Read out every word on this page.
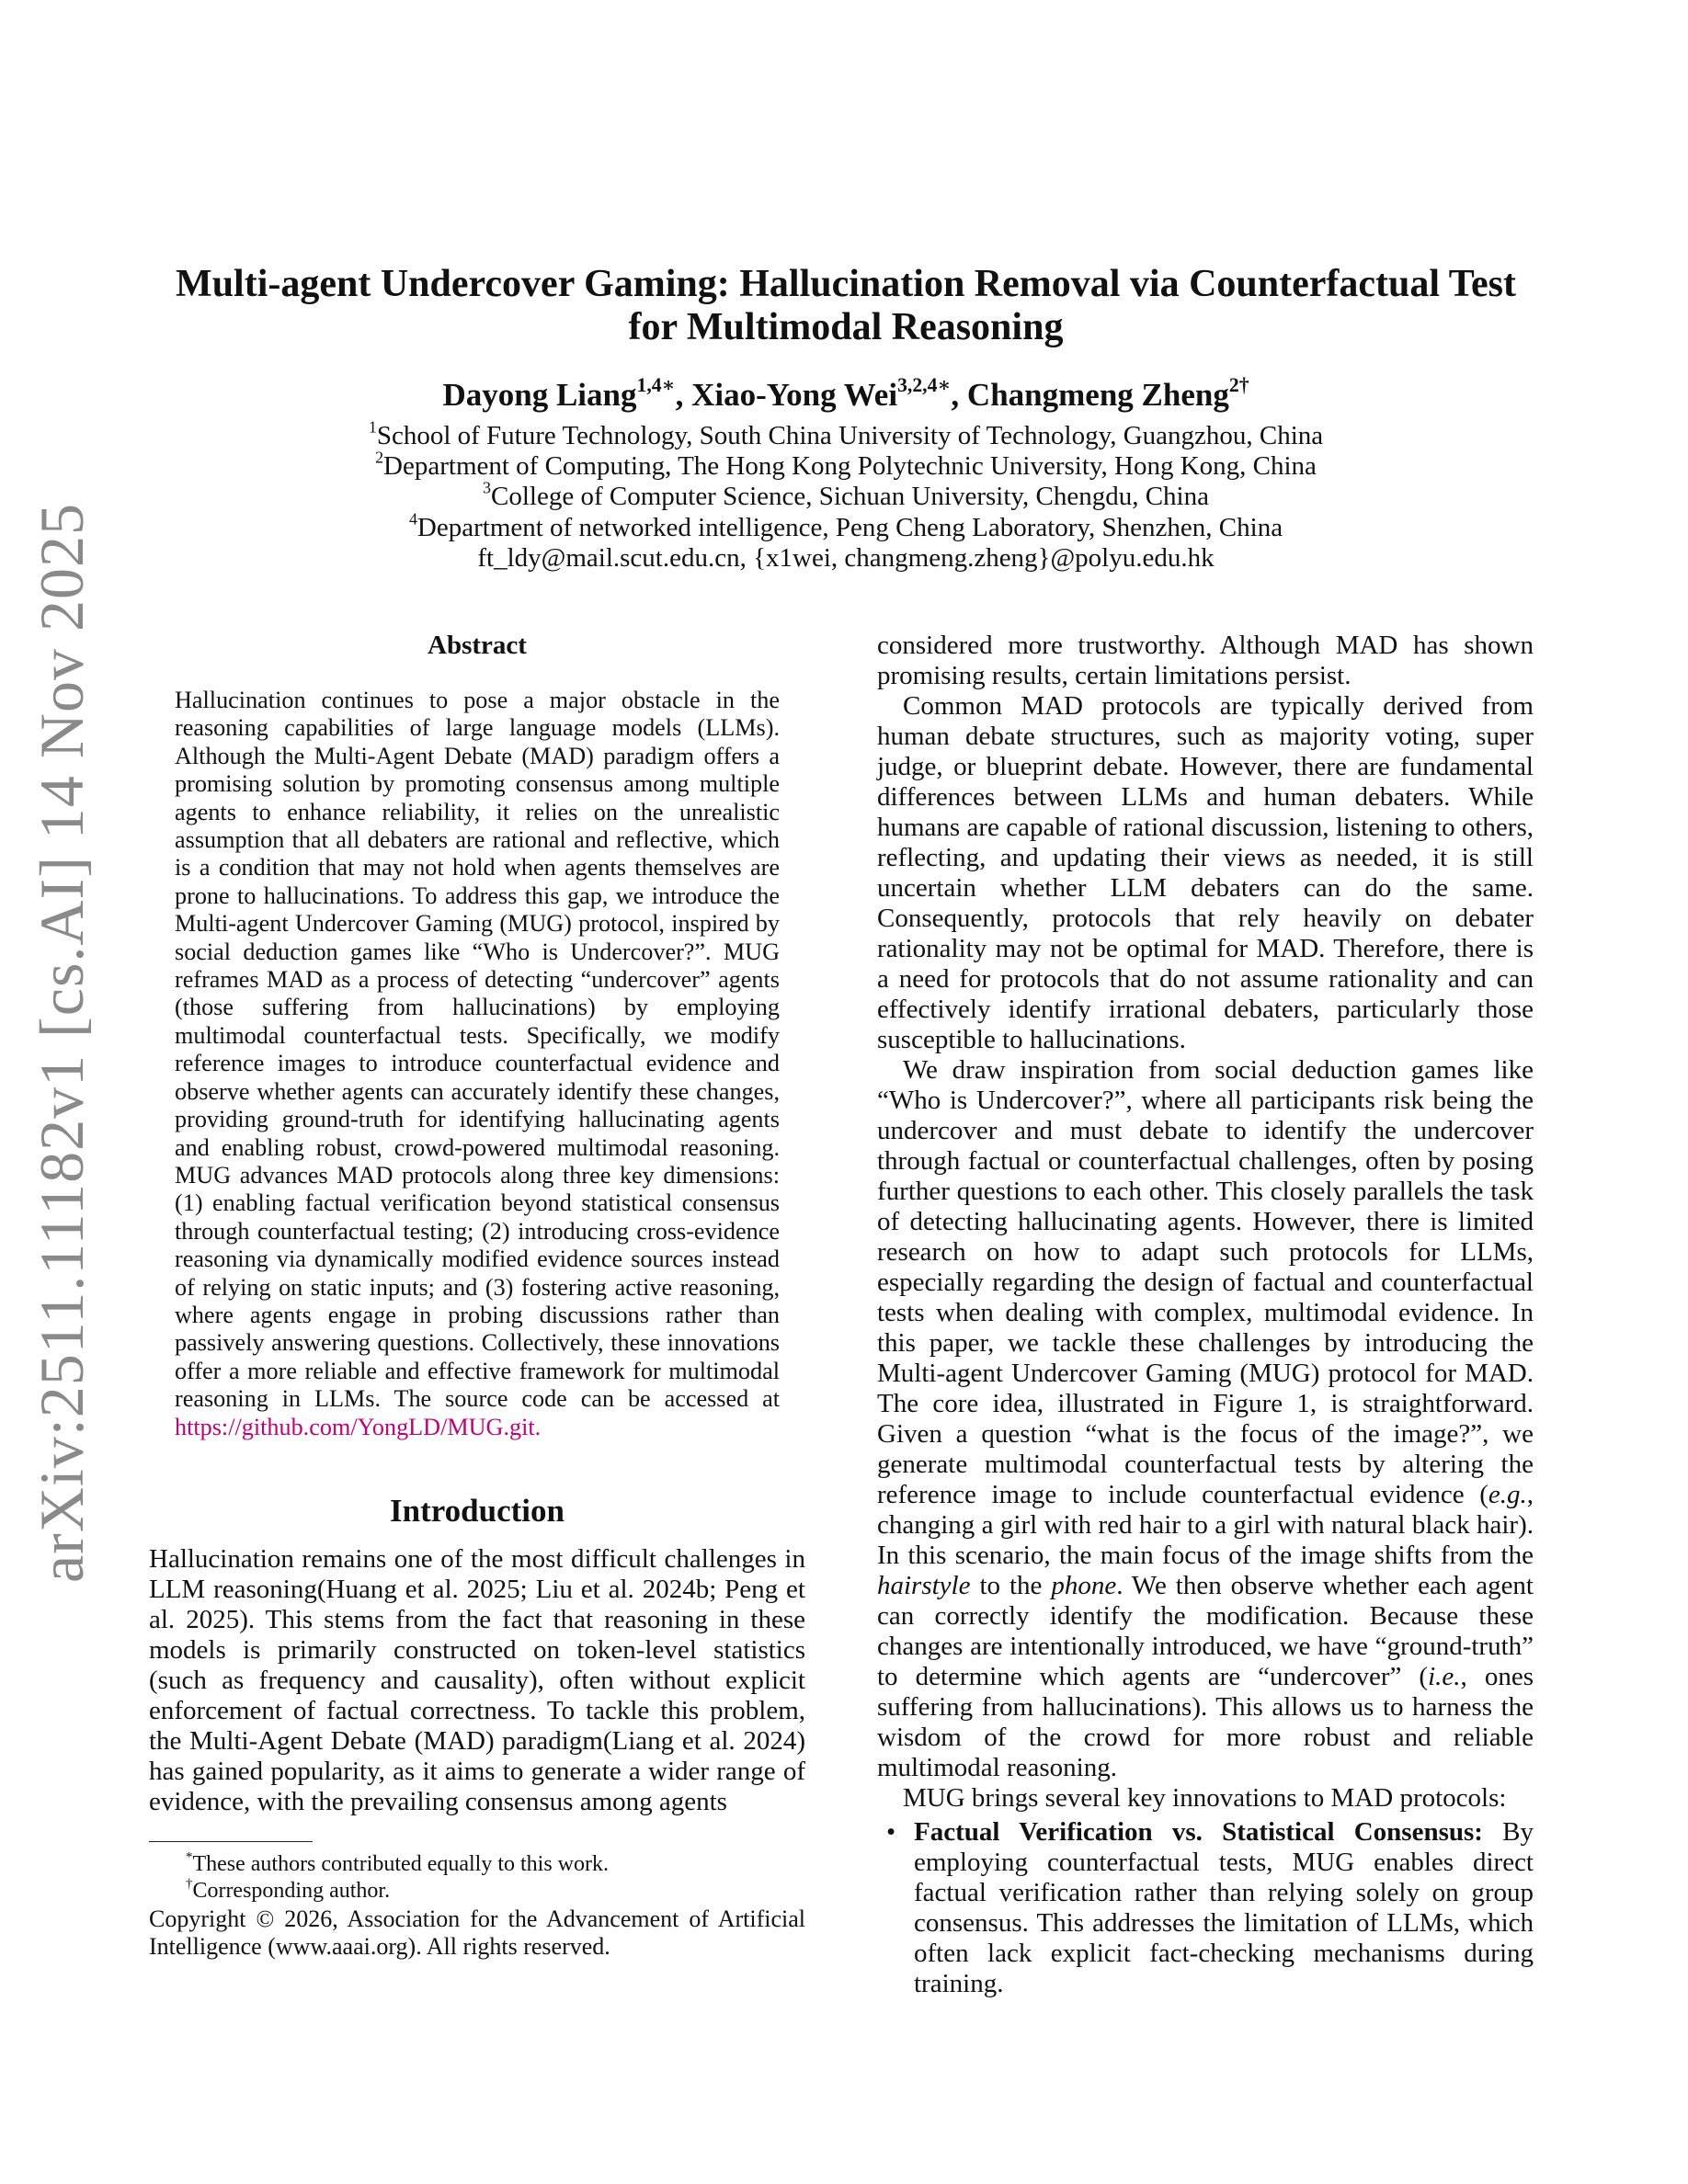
arXiv:2511.11182v1 [cs.AI] 14 Nov 2025
Multi-agent Undercover Gaming: Hallucination Removal via Counterfactual Test
for Multimodal Reasoning
Dayong Liang$^{1,4∗}$, Xiao-Yong Wei$^{3,2,4∗}$, Changmeng Zheng$^{2\dagger}$
$^1$School of Future Technology, South China University of Technology, Guangzhou, China
$^2$Department of Computing, The Hong Kong Polytechnic University, Hong Kong, China
$^3$College of Computer Science, Sichuan University, Chengdu, China
$^4$Department of networked intelligence, Peng Cheng Laboratory, Shenzhen, China
ft_ldy@mail.scut.edu.cn, {x1wei, changmeng.zheng}@polyu.edu.hk
Abstract

Hallucination continues to pose a major obstacle in the reasoning capabilities of large language models (LLMs). Although the Multi-Agent Debate (MAD) paradigm offers a promising solution by promoting consensus among multiple agents to enhance reliability, it relies on the unrealistic assumption that all debaters are rational and reflective, which is a condition that may not hold when agents themselves are prone to hallucinations. To address this gap, we introduce the Multi-agent Undercover Gaming (MUG) protocol, inspired by social deduction games like “Who is Undercover?”. MUG reframes MAD as a process of detecting “undercover” agents (those suffering from hallucinations) by employing multimodal counterfactual tests. Specifically, we modify reference images to introduce counterfactual evidence and observe whether agents can accurately identify these changes, providing ground-truth for identifying hallucinating agents and enabling robust, crowd-powered multimodal reasoning. MUG advances MAD protocols along three key dimensions: (1) enabling factual verification beyond statistical consensus through counterfactual testing; (2) introducing cross-evidence reasoning via dynamically modified evidence sources instead of relying on static inputs; and (3) fostering active reasoning, where agents engage in probing discussions rather than passively answering questions. Collectively, these innovations offer a more reliable and effective framework for multimodal reasoning in LLMs. The source code can be accessed at https://github.com/YongLD/MUG.git.

Introduction

Hallucination remains one of the most difficult challenges in LLM reasoning(Huang et al. 2025; Liu et al. 2024b; Peng et al. 2025). This stems from the fact that reasoning in these models is primarily constructed on token-level statistics (such as frequency and causality), often without explicit enforcement of factual correctness. To tackle this problem, the Multi-Agent Debate (MAD) paradigm(Liang et al. 2024) has gained popularity, as it aims to generate a wider range of evidence, with the prevailing consensus among agents

*These authors contributed equally to this work.

†Corresponding author.

Copyright © 2026, Association for the Advancement of Artificial Intelligence (www.aaai.org). All rights reserved.

considered more trustworthy. Although MAD has shown promising results, certain limitations persist.

Common MAD protocols are typically derived from human debate structures, such as majority voting, super judge, or blueprint debate. However, there are fundamental differences between LLMs and human debaters. While humans are capable of rational discussion, listening to others, reflecting, and updating their views as needed, it is still uncertain whether LLM debaters can do the same. Consequently, protocols that rely heavily on debater rationality may not be optimal for MAD. Therefore, there is a need for protocols that do not assume rationality and can effectively identify irrational debaters, particularly those susceptible to hallucinations.

We draw inspiration from social deduction games like “Who is Undercover?”, where all participants risk being the undercover and must debate to identify the undercover through factual or counterfactual challenges, often by posing further questions to each other. This closely parallels the task of detecting hallucinating agents. However, there is limited research on how to adapt such protocols for LLMs, especially regarding the design of factual and counterfactual tests when dealing with complex, multimodal evidence. In this paper, we tackle these challenges by introducing the Multi-agent Undercover Gaming (MUG) protocol for MAD. The core idea, illustrated in Figure 1, is straightforward. Given a question “what is the focus of the image?”, we generate multimodal counterfactual tests by altering the reference image to include counterfactual evidence (e.g., changing a girl with red hair to a girl with natural black hair). In this scenario, the main focus of the image shifts from the hairstyle to the phone. We then observe whether each agent can correctly identify the modification. Because these changes are intentionally introduced, we have “ground-truth” to determine which agents are “undercover” (i.e., ones suffering from hallucinations). This allows us to harness the wisdom of the crowd for more robust and reliable multimodal reasoning.

MUG brings several key innovations to MAD protocols:

• Factual Verification vs. Statistical Consensus: By employing counterfactual tests, MUG enables direct factual verification rather than relying solely on group consensus. This addresses the limitation of LLMs, which often lack explicit fact-checking mechanisms during training.
